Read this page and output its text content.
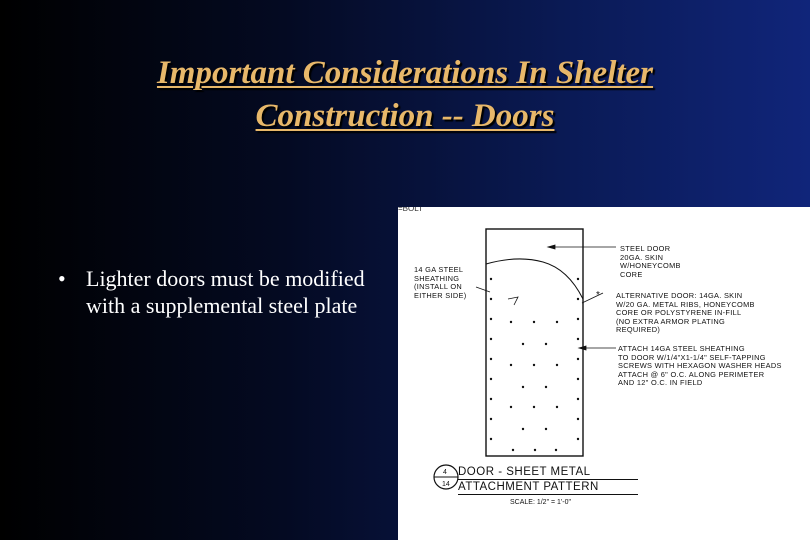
Important Considerations In Shelter
Construction -- Doors
• Lighter doors must be modified with a supplemental steel plate
=BOLT
4
14
*
14 GA STEEL
SHEATHING
(INSTALL ON
EITHER SIDE)
STEEL DOOR
20GA. SKIN
W/HONEYCOMB
CORE
ALTERNATIVE DOOR: 14GA. SKIN
W/20 GA. METAL RIBS, HONEYCOMB
CORE OR POLYSTYRENE IN-FILL
(NO EXTRA ARMOR PLATING
REQUIRED)
ATTACH 14GA STEEL SHEATHING
TO DOOR W/1/4"X1-1/4" SELF-TAPPING
SCREWS WITH HEXAGON WASHER HEADS
ATTACH @ 6" O.C. ALONG PERIMETER
AND 12" O.C. IN FIELD
DOOR - SHEET METAL
ATTACHMENT PATTERN
SCALE: 1/2" = 1'-0"
